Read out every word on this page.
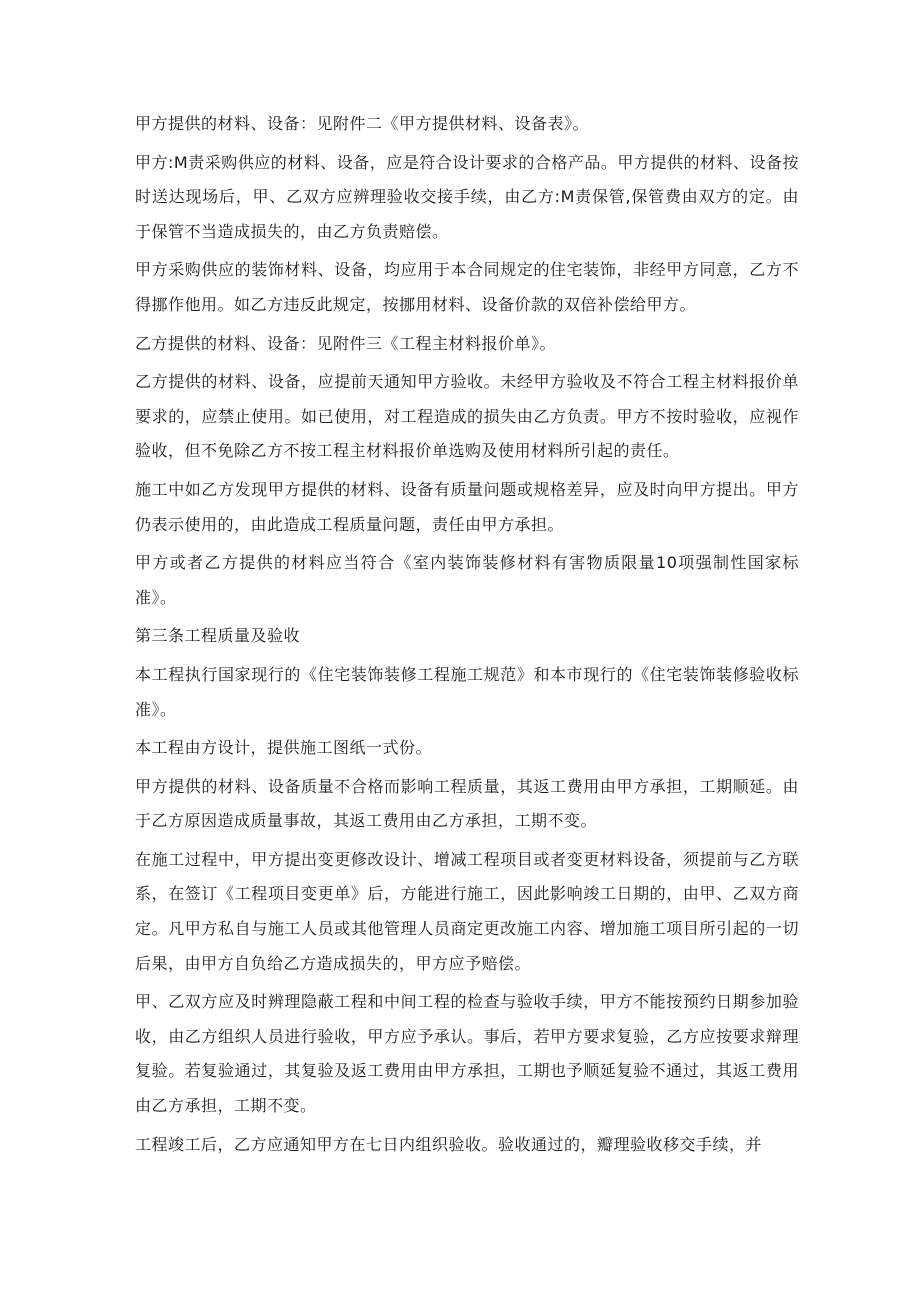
甲方提供的材料、设备：见附件二《甲方提供材料、设备表》。

甲方:M责采购供应的材料、设备，应是符合设计要求的合格产品。甲方提供的材料、设备按时送达现场后，甲、乙双方应辨理验收交接手续，由乙方:M责保管,保管费由双方的定。由于保管不当造成损失的，由乙方负责赔偿。

甲方采购供应的装饰材料、设备，均应用于本合同规定的住宅装饰，非经甲方同意，乙方不得挪作他用。如乙方违反此规定，按挪用材料、设备价款的双倍补偿给甲方。

乙方提供的材料、设备：见附件三《工程主材料报价单》。

乙方提供的材料、设备，应提前天通知甲方验收。未经甲方验收及不符合工程主材料报价单要求的，应禁止使用。如已使用，对工程造成的损失由乙方负责。甲方不按时验收，应视作验收，但不免除乙方不按工程主材料报价单选购及使用材料所引起的责任。

施工中如乙方发现甲方提供的材料、设备有质量问题或规格差异，应及时向甲方提出。甲方仍表示使用的，由此造成工程质量问题，责任由甲方承担。

甲方或者乙方提供的材料应当符合《室内装饰装修材料有害物质限量10项强制性国家标准》。

第三条工程质量及验收

本工程执行国家现行的《住宅装饰装修工程施工规范》和本市现行的《住宅装饰装修验收标准》。

本工程由方设计，提供施工图纸一式份。

甲方提供的材料、设备质量不合格而影响工程质量，其返工费用由甲方承担，工期顺延。由于乙方原因造成质量事故，其返工费用由乙方承担，工期不变。

在施工过程中，甲方提出变更修改设计、增减工程项目或者变更材料设备，须提前与乙方联系，在签订《工程项目变更单》后，方能进行施工，因此影响竣工日期的，由甲、乙双方商定。凡甲方私自与施工人员或其他管理人员商定更改施工内容、增加施工项目所引起的一切后果，由甲方自负给乙方造成损失的，甲方应予赔偿。

甲、乙双方应及时辨理隐蔽工程和中间工程的检查与验收手续，甲方不能按预约日期参加验收，由乙方组织人员进行验收，甲方应予承认。事后，若甲方要求复验，乙方应按要求辩理复验。若复验通过，其复验及返工费用由甲方承担，工期也予顺延复验不通过，其返工费用由乙方承担，工期不变。

工程竣工后，乙方应通知甲方在七日内组织验收。验收通过的，瓣理验收移交手续，并
